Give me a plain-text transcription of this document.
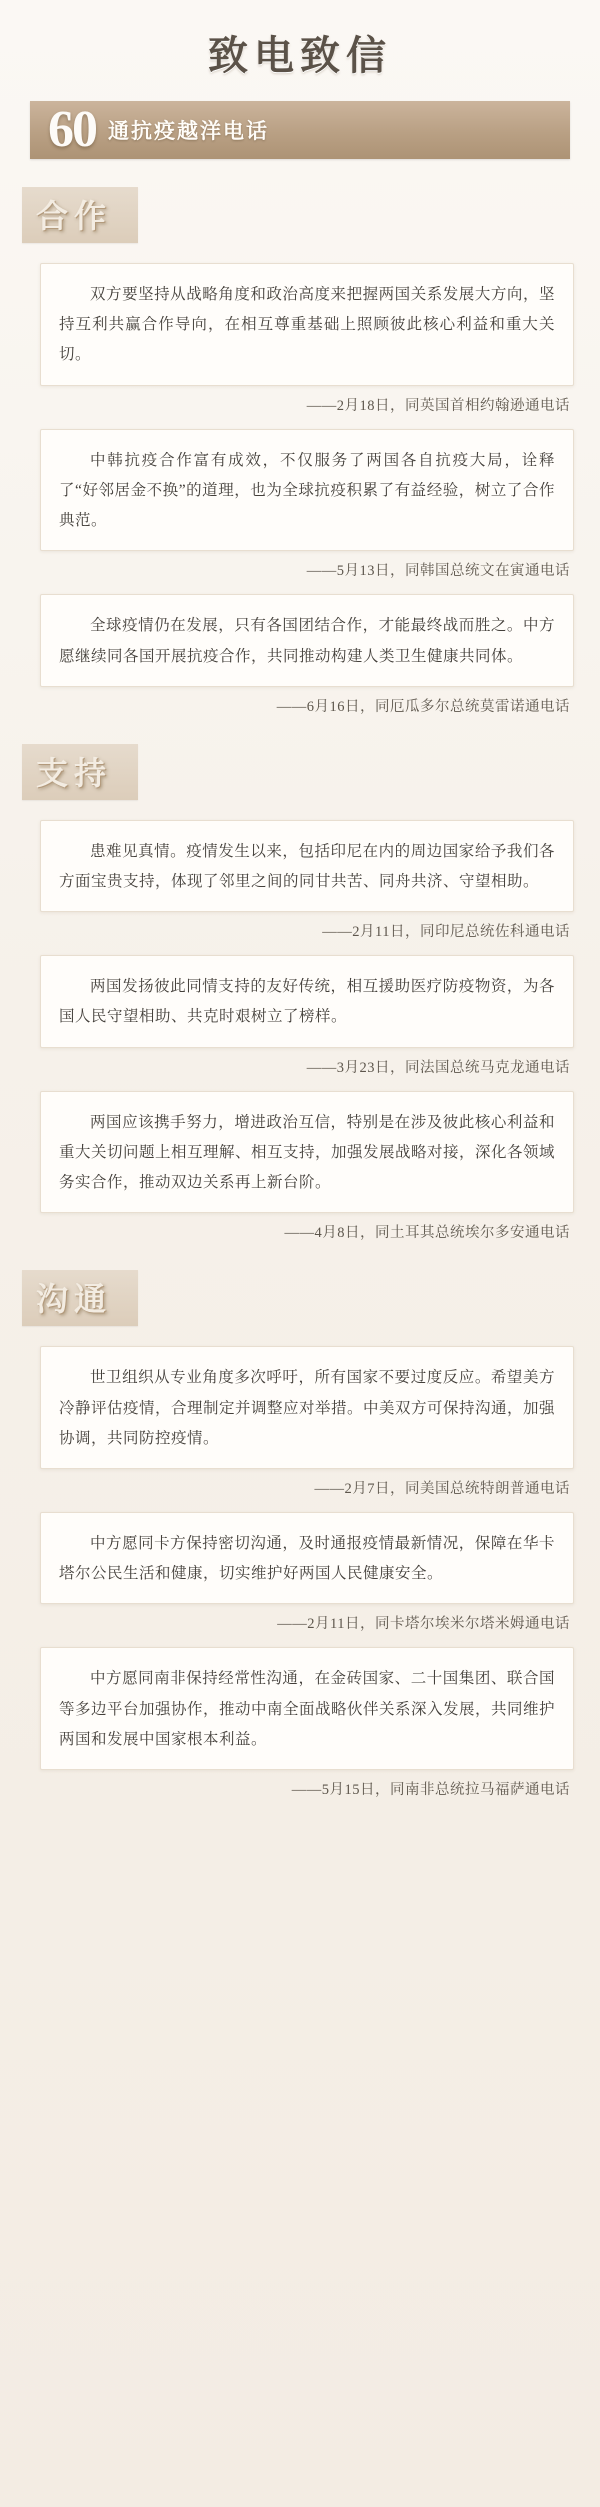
致电致信
60 通抗疫越洋电话
合作
双方要坚持从战略角度和政治高度来把握两国关系发展大方向，坚持互利共赢合作导向，在相互尊重基础上照顾彼此核心利益和重大关切。
——2月18日，同英国首相约翰逊通电话
中韩抗疫合作富有成效，不仅服务了两国各自抗疫大局，诠释了“好邻居金不换”的道理，也为全球抗疫积累了有益经验，树立了合作典范。
——5月13日，同韩国总统文在寅通电话
全球疫情仍在发展，只有各国团结合作，才能最终战而胜之。中方愿继续同各国开展抗疫合作，共同推动构建人类卫生健康共同体。
——6月16日，同厄瓜多尔总统莫雷诺通电话
支持
患难见真情。疫情发生以来，包括印尼在内的周边国家给予我们各方面宝贵支持，体现了邻里之间的同甘共苦、同舟共济、守望相助。
——2月11日，同印尼总统佐科通电话
两国发扬彼此同情支持的友好传统，相互援助医疗防疫物资，为各国人民守望相助、共克时艰树立了榜样。
——3月23日，同法国总统马克龙通电话
两国应该携手努力，增进政治互信，特别是在涉及彼此核心利益和重大关切问题上相互理解、相互支持，加强发展战略对接，深化各领域务实合作，推动双边关系再上新台阶。
——4月8日，同土耳其总统埃尔多安通电话
沟通
世卫组织从专业角度多次呼吁，所有国家不要过度反应。希望美方冷静评估疫情，合理制定并调整应对举措。中美双方可保持沟通，加强协调，共同防控疫情。
——2月7日，同美国总统特朗普通电话
中方愿同卡方保持密切沟通，及时通报疫情最新情况，保障在华卡塔尔公民生活和健康，切实维护好两国人民健康安全。
——2月11日，同卡塔尔埃米尔塔米姆通电话
中方愿同南非保持经常性沟通，在金砖国家、二十国集团、联合国等多边平台加强协作，推动中南全面战略伙伴关系深入发展，共同维护两国和发展中国家根本利益。
——5月15日，同南非总统拉马福萨通电话
